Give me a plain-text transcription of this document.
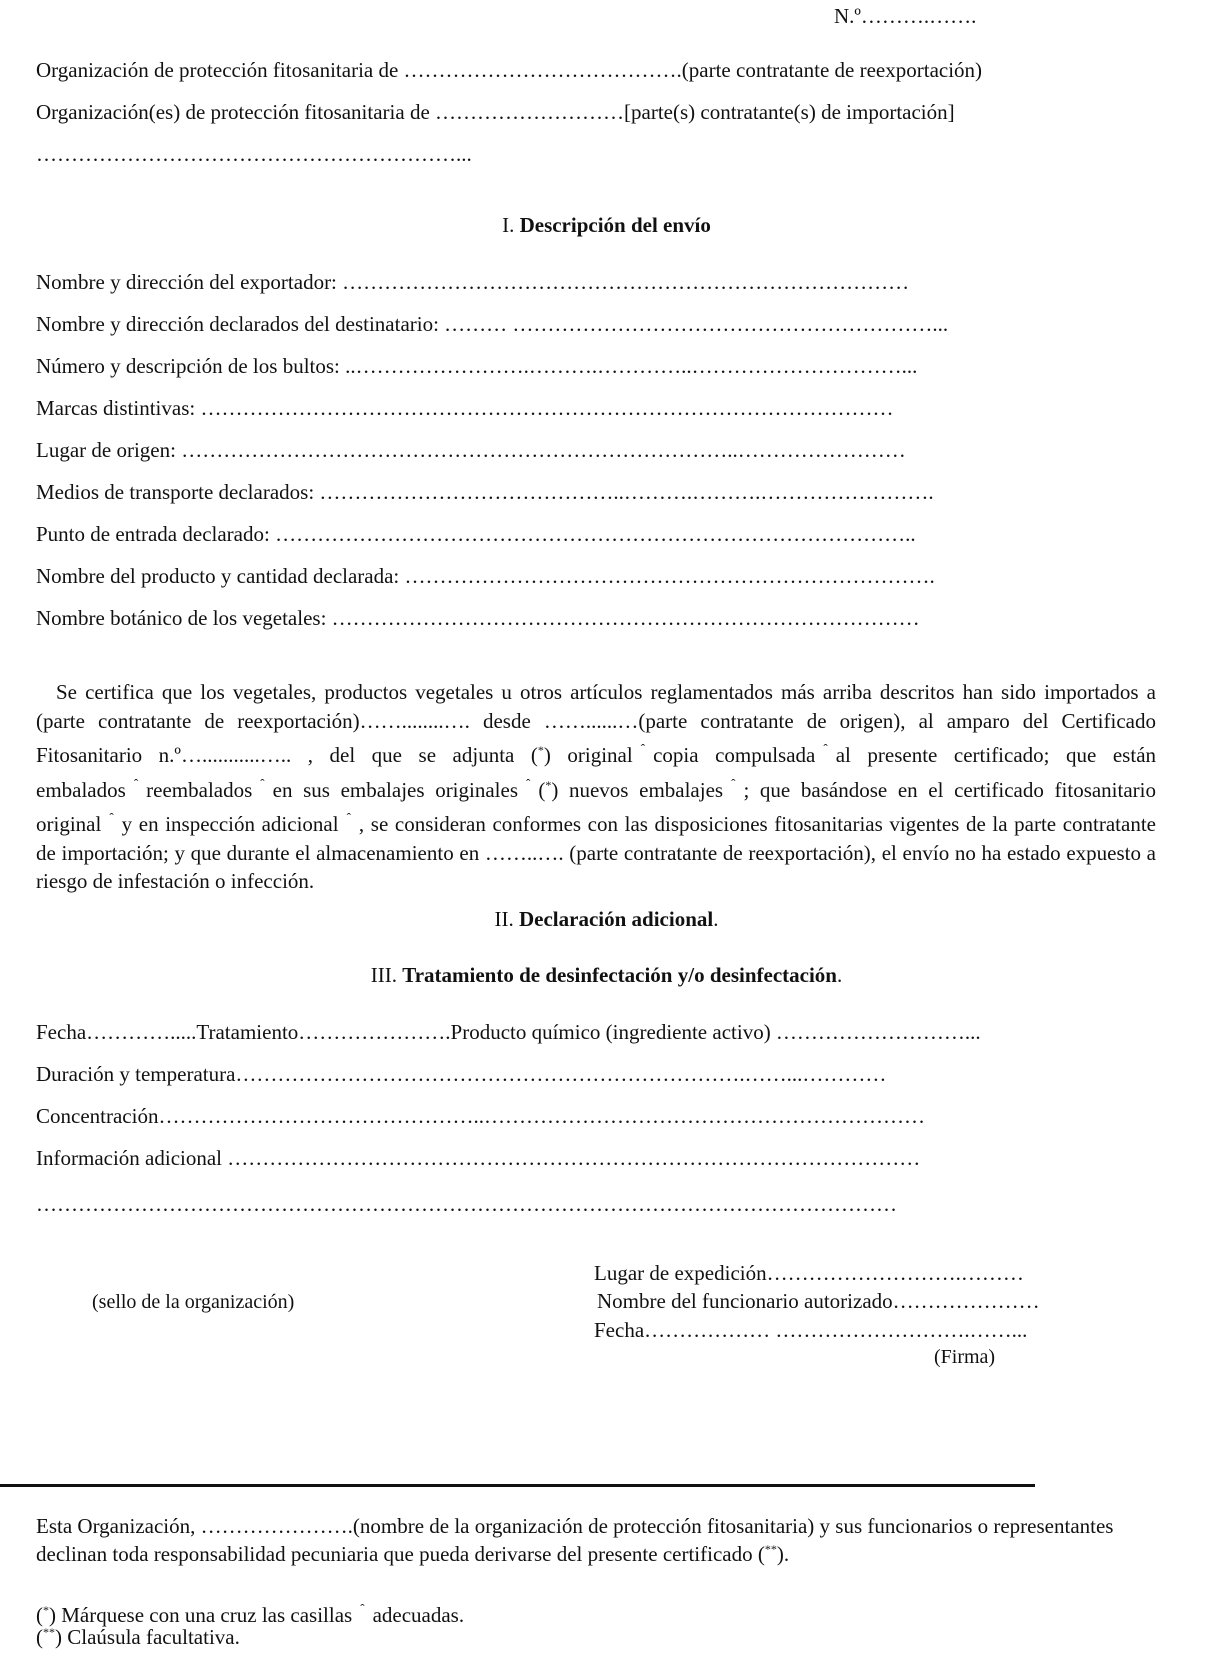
N.º……….…….
Organización de protección fitosanitaria de ………………………………….(parte contratante de reexportación)
Organización(es) de protección fitosanitaria de ………………………[parte(s) contratante(s) de importación]
……………………………………………………...
I. Descripción del envío
Nombre y dirección del exportador: ………………………………………………………………………
Nombre y dirección declarados del destinatario: ……… ……………………………………………………...
Número y descripción de los bultos: ..…………………….……….…………..…………………………...
Marcas distintivas: ………………………………………………………………………………………
Lugar de origen: ……………………………………………………………………..……………………
Medios de transporte declarados: ……………………………………..……….……….…………………….
Punto de entrada declarado: ………………………………………………………………………………..
Nombre del producto y cantidad declarada: ………………………………………………………………….
Nombre botánico de los vegetales: …………………………………………………………………………
Se certifica que los vegetales, productos vegetales u otros artículos reglamentados más arriba descritos han sido importados a (parte contratante de reexportación)……........…. desde ……......…(parte contratante de origen), al amparo del Certificado Fitosanitario n.º…...........….. , del que se adjunta (*) original $^ˆ$ copia compulsada $^ˆ$ al presente certificado; que están embalados $^ˆ$ reembalados $^ˆ$ en sus embalajes originales $^ˆ$ (*) nuevos embalajes $^ˆ$ ; que basándose en el certificado fitosanitario original $^ˆ$ y en inspección adicional $^ˆ$ , se consideran conformes con las disposiciones fitosanitarias vigentes de la parte contratante de importación; y que durante el almacenamiento en ……..…. (parte contratante de reexportación), el envío no ha estado expuesto a riesgo de infestación o infección.
II. Declaración adicional.
III. Tratamiento de desinfectación y/o desinfectación.
Fecha………….....Tratamiento………………….Producto químico (ingrediente activo) ………………………...
Duración y temperatura……………………………………………………………….……...…………
Concentración………………………………………..………………………………………………………
Información adicional ………………………………………………………………………………………
……………………………………………………………………………………………………………
(sello de la organización)
Lugar de expedición……………………….………
Nombre del funcionario autorizado…………………
Fecha……………… ……………………….……...
(Firma)
Esta Organización, ………………….(nombre de la organización de protección fitosanitaria) y sus funcionarios o representantes declinan toda responsabilidad pecuniaria que pueda derivarse del presente certificado (**).
(*) Márquese con una cruz las casillas $^ˆ$ adecuadas.
(**) Claúsula facultativa.
